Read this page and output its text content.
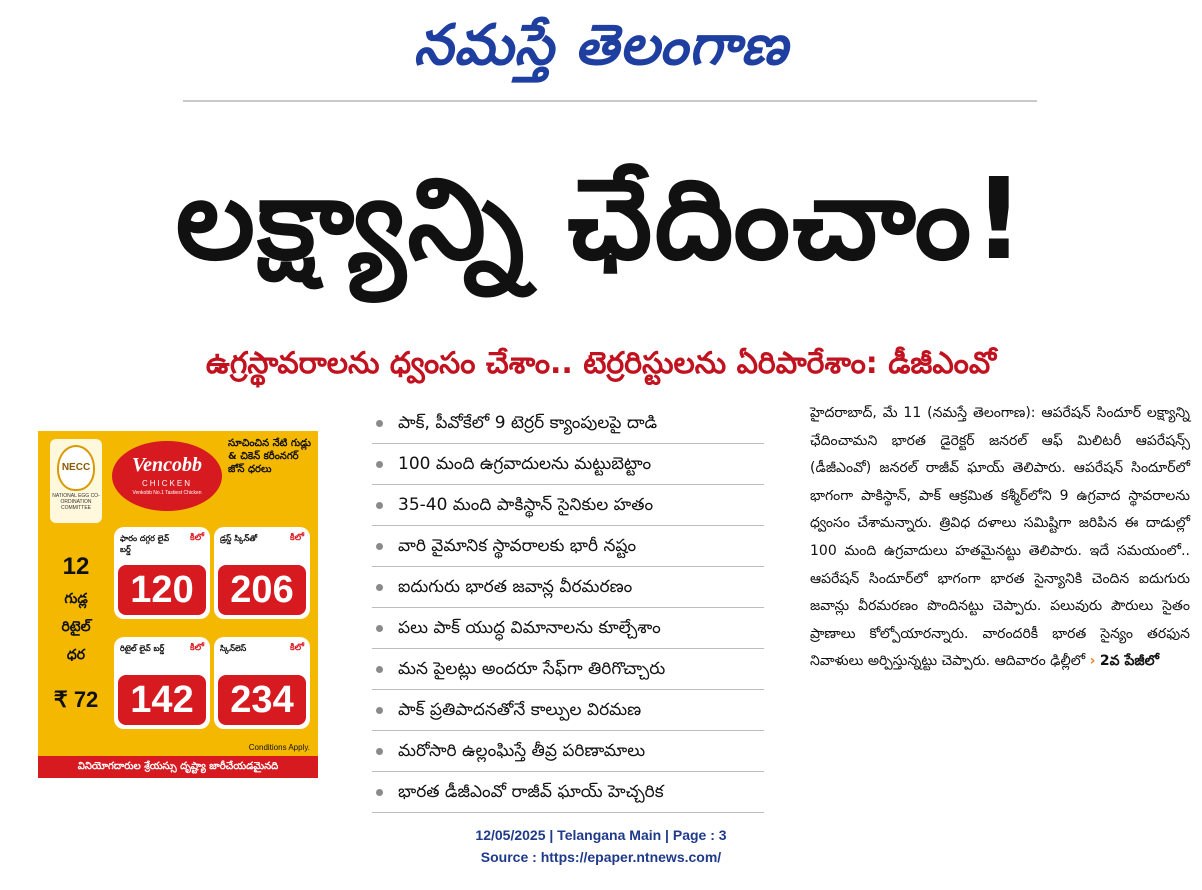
నమస్తే తెలంగాణ
లక్ష్యాన్ని ఛేదించాం!
ఉగ్రస్థావరాలను ధ్వంసం చేశాం.. టెర్రరిస్టులను ఏరిపారేశాం: డీజీఎంవో
NECC
NATIONAL EGG CO-ORDINATION COMMITTEE
Vencobb
CHICKEN
Venkobb No.1 Tastiest Chicken
సూచించిన నేటి గుడ్లు & చికెన్ కరీంనగర్ జోన్ ధరలు
12
గుడ్ల
రిటైల్
ధర
₹ 72
ఫారం దగ్గర లైవ్ బర్డ్
కిలో
120
డ్రస్డ్ స్కిన్‌తో	కిలో
206
రిటైల్ లైవ్ బర్డ్	కిలో
142
స్కిన్‌లెస్	కిలో
234
Conditions Apply.
వినియోగదారుల శ్రేయస్సు దృష్ట్యా జారీచేయడమైనది
పాక్, పీవోకేలో 9 టెర్రర్ క్యాంపులపై దాడి
100 మంది ఉగ్రవాదులను మట్టుబెట్టాం
35-40 మంది పాకిస్థాన్ సైనికుల హతం
వారి వైమానిక స్థావరాలకు భారీ నష్టం
ఐదుగురు భారత జవాన్ల వీరమరణం
పలు పాక్ యుద్ధ విమానాలను కూల్చేశాం
మన పైలట్లు అందరూ సేఫ్‌గా తిరిగొచ్చారు
పాక్ ప్రతిపాదనతోనే కాల్పుల విరమణ
మరోసారి ఉల్లంఘిస్తే తీవ్ర పరిణామాలు
భారత డీజీఎంవో రాజీవ్ ఘాయ్ హెచ్చరిక

హైదరాబాద్, మే 11 (నమస్తే తెలంగాణ): ఆపరేషన్ సిందూర్ లక్ష్యాన్ని ఛేదించామని భారత డైరెక్టర్ జనరల్ ఆఫ్ మిలిటరీ ఆపరేషన్స్ (డీజీఎంవో) జనరల్ రాజీవ్ ఘాయ్ తెలిపారు. ఆపరేషన్ సిందూర్‌లో భాగంగా పాకిస్థాన్, పాక్ ఆక్రమిత కశ్మీర్‌లోని 9 ఉగ్రవాద స్థావరాలను ధ్వంసం చేశామన్నారు. త్రివిధ దళాలు సమిష్టిగా జరిపిన ఈ దాడుల్లో 100 మంది ఉగ్రవాదులు హతమైనట్టు తెలిపారు. ఇదే సమయంలో.. ఆపరేషన్ సిందూర్‌లో భాగంగా భారత సైన్యానికి చెందిన ఐదుగురు జవాన్లు వీరమరణం పొందినట్టు చెప్పారు. పలువురు పౌరులు సైతం ప్రాణాలు కోల్పోయారన్నారు. వారందరికీ భారత సైన్యం తరఫున నివాళులు అర్పిస్తున్నట్టు చెప్పారు. ఆదివారం ఢిల్లీలో › 2వ పేజీలో

12/05/2025 | Telangana Main | Page : 3
Source : https://epaper.ntnews.com/
